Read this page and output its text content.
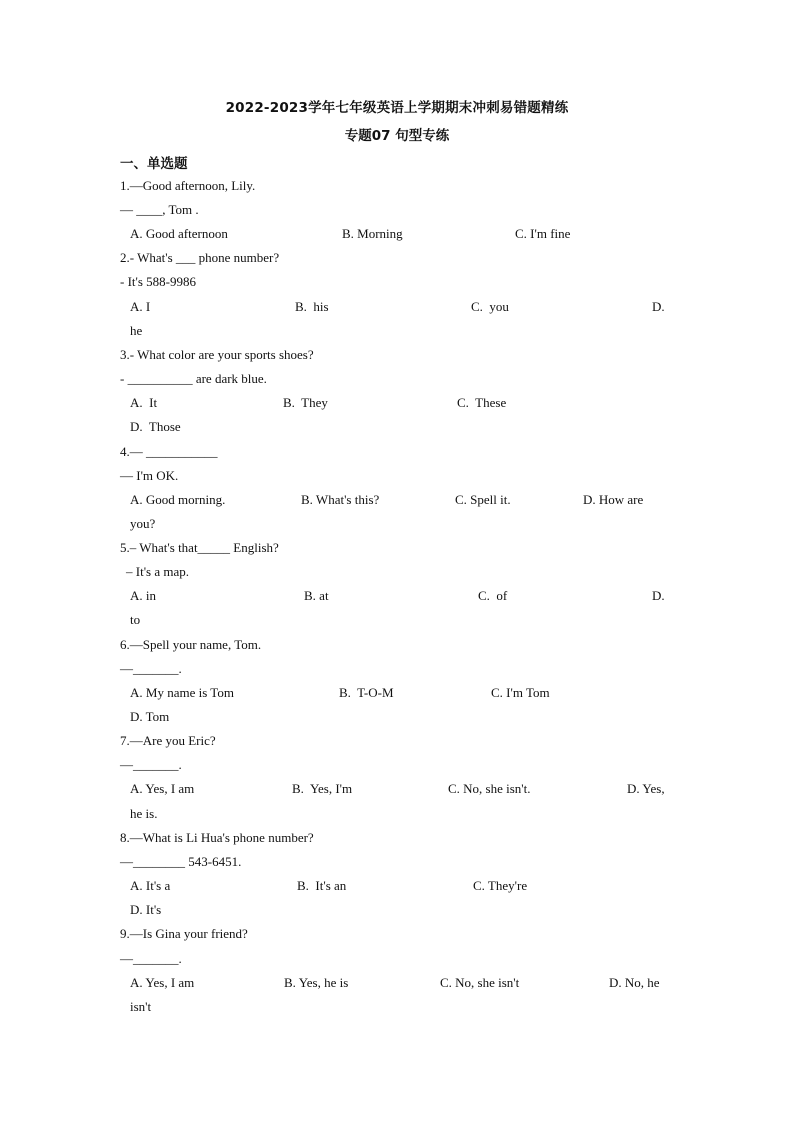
2022-2023学年七年级英语上学期期末冲刺易错题精练
专题07 句型专练
一、单选题
1.—Good afternoon, Lily.
— ____, Tom .
A. Good afternoon	B. Morning	C. I'm fine
2.- What's ___ phone number?
- It's 588-9986
A. I	B.  his	C.  you	D.
he
3.- What color are your sports shoes?
- __________ are dark blue.
A.  It	B.  They	C.  These
D.  Those
4.— ___________
— I'm OK.
A. Good morning.	B. What's this?	C. Spell it.	D. How are
you?
5.– What's that_____ English?
– It's a map.
A. in	B. at	C.  of	D.
to
6.—Spell your name, Tom.
—_______.
A. My name is Tom	B.  T-O-M	C. I'm Tom
D. Tom
7.—Are you Eric?
—_______.
A. Yes, I am	B.  Yes, I'm	C. No, she isn't.	D. Yes,
he is.
8.—What is Li Hua's phone number?
—________ 543-6451.
A. It's a	B.  It's an	C. They're
D. It's
9.—Is Gina your friend?
—_______.
A. Yes, I am	B. Yes, he is	C. No, she isn't	D. No, he
isn't
